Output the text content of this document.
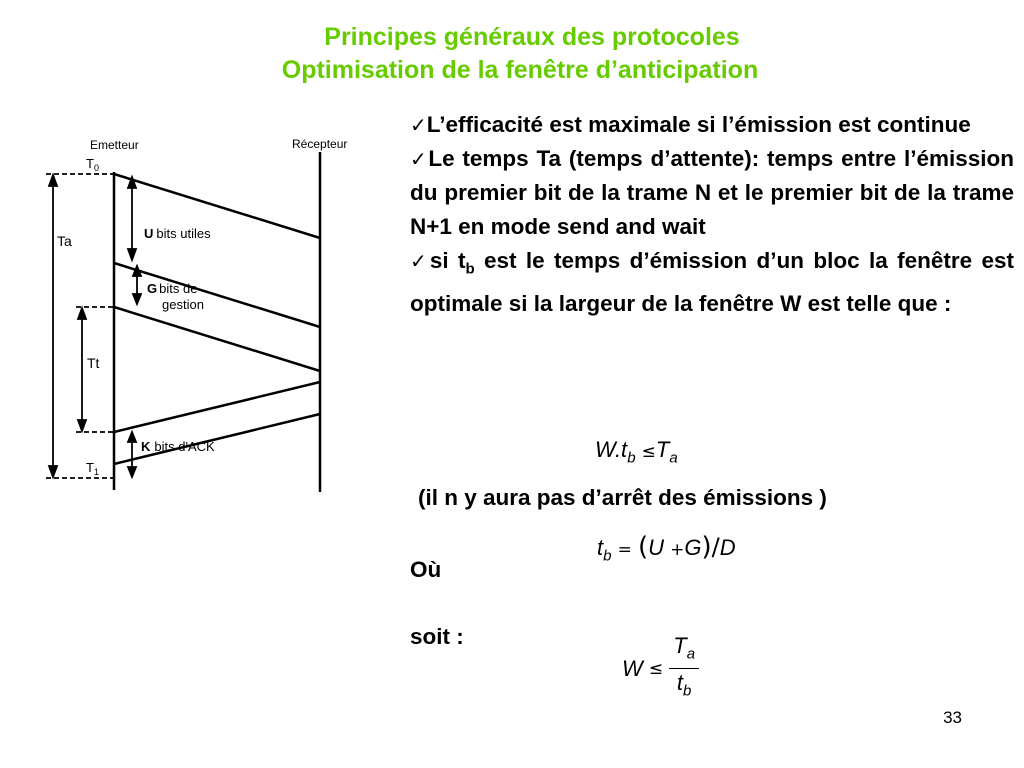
Principes généraux des protocoles
Optimisation de la fenêtre d’anticipation
Emetteur	Récepteur
$T_0$
$T_1$
Ta
Tt
U bits utiles
G bits de
gestion
K bits d'ACK

✓L’efficacité est maximale si l’émission est continue

✓Le temps Ta (temps d’attente): temps entre l’émission du premier bit de la trame N et le premier bit de la trame N+1 en mode send and wait

✓si $t_b$ est le temps d’émission d’un bloc la fenêtre est optimale si la largeur de la fenêtre W est telle que :

$W.t_b \le T_a$
(il n y aura pas d’arrêt des émissions )
$t_b = (U +G)/D$
Où
soit :
$W \le \frac{T_a}{t_b}$
33
